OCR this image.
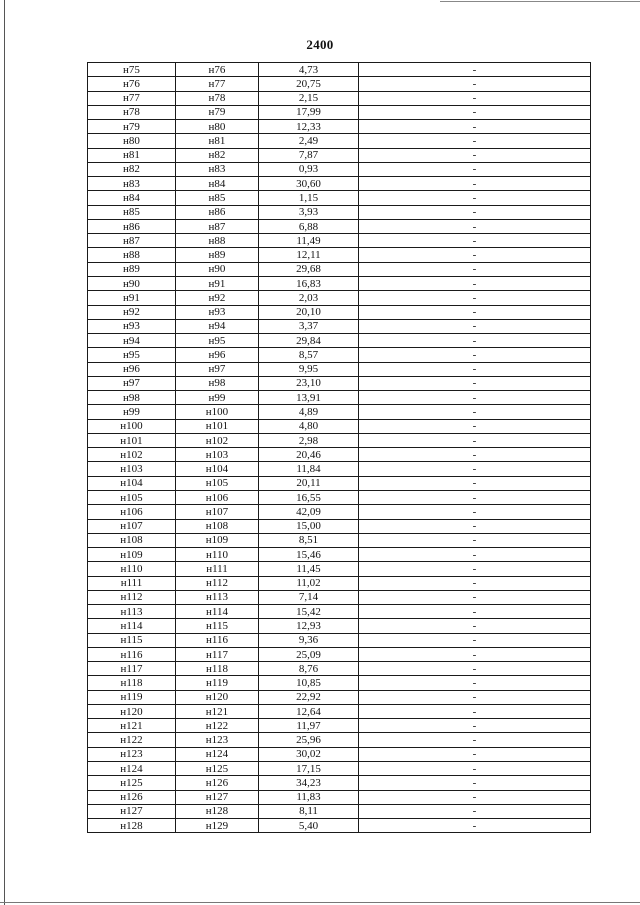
2400
н75	н76	4,73	-
н76	н77	20,75	-
н77	н78	2,15	-
н78	н79	17,99	-
н79	н80	12,33	-
н80	н81	2,49	-
н81	н82	7,87	-
н82	н83	0,93	-
н83	н84	30,60	-
н84	н85	1,15	-
н85	н86	3,93	-
н86	н87	6,88	-
н87	н88	11,49	-
н88	н89	12,11	-
н89	н90	29,68	-
н90	н91	16,83	-
н91	н92	2,03	-
н92	н93	20,10	-
н93	н94	3,37	-
н94	н95	29,84	-
н95	н96	8,57	-
н96	н97	9,95	-
н97	н98	23,10	-
н98	н99	13,91	-
н99	н100	4,89	-
н100	н101	4,80	-
н101	н102	2,98	-
н102	н103	20,46	-
н103	н104	11,84	-
н104	н105	20,11	-
н105	н106	16,55	-
н106	н107	42,09	-
н107	н108	15,00	-
н108	н109	8,51	-
н109	н110	15,46	-
н110	н111	11,45	-
н111	н112	11,02	-
н112	н113	7,14	-
н113	н114	15,42	-
н114	н115	12,93	-
н115	н116	9,36	-
н116	н117	25,09	-
н117	н118	8,76	-
н118	н119	10,85	-
н119	н120	22,92	-
н120	н121	12,64	-
н121	н122	11,97	-
н122	н123	25,96	-
н123	н124	30,02	-
н124	н125	17,15	-
н125	н126	34,23	-
н126	н127	11,83	-
н127	н128	8,11	-
н128	н129	5,40	-
